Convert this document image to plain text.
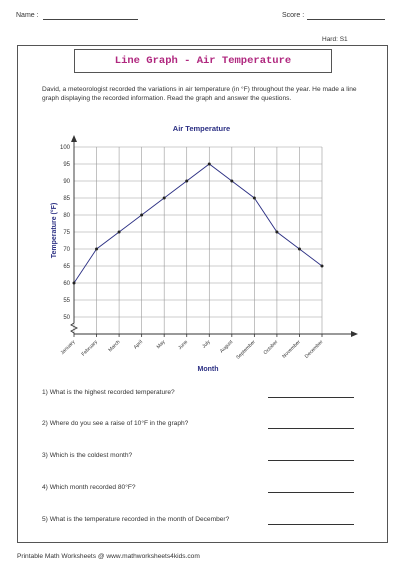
Name :	Score :
Hard: S1
Line Graph - Air Temperature
David, a meteorologist recorded the variations in air temperature (in °F) throughout the year. He made a line graph displaying the recorded information. Read the graph and answer the questions.
Air Temperature
50
55
60
65
70
75
80
85
90
95
100
January February March April May June July August September October November December
Month
Temperature (°F)
1) What is the highest recorded temperature?
2) Where do you see a raise of 10°F in the graph?
3) Which is the coldest month?
4) Which month recorded 80°F?
5) What is the temperature recorded in the month of December?
Printable Math Worksheets @ www.mathworksheets4kids.com
